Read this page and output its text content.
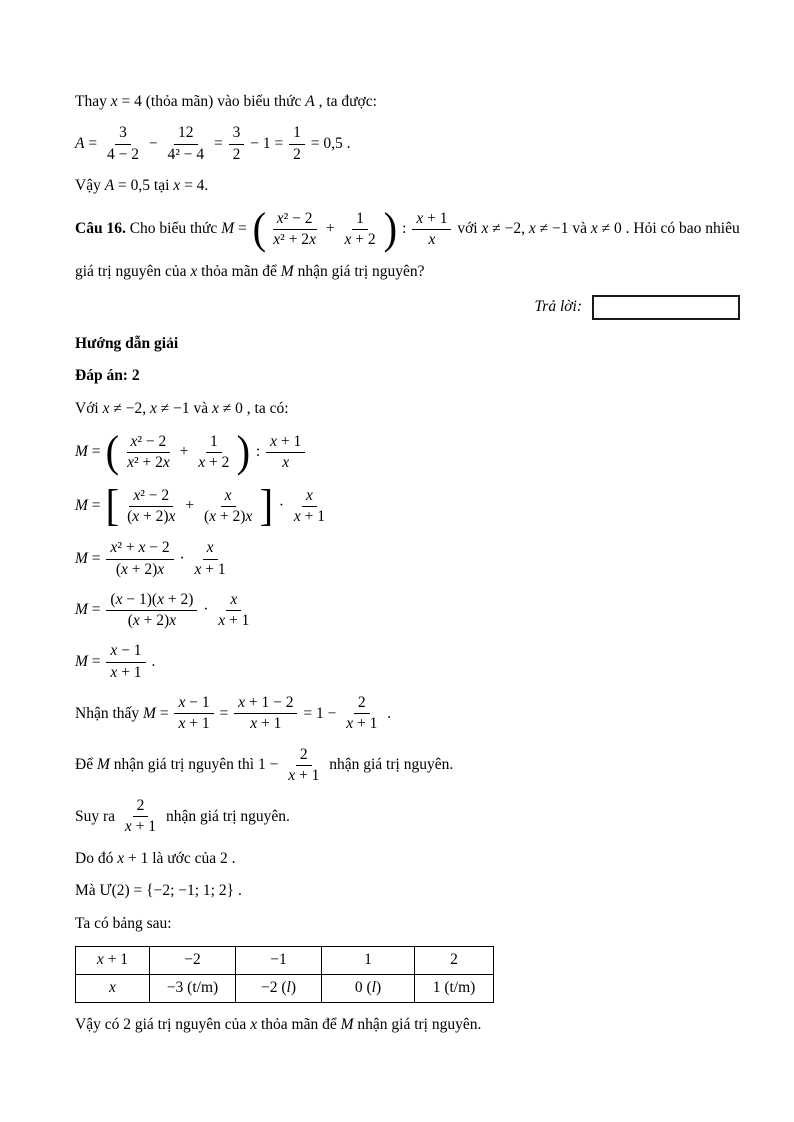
Thay x = 4 (thỏa mãn) vào biểu thức A , ta được:
$A = \frac{3}{4 - 2} - \frac{12}{\text{4² − 4}} = \frac{3}{2} - 1 = \frac{1}{2} = 0,5$ .
Vậy A = 0,5 tại x = 4.
Câu 16. Cho biểu thức M = ( $\frac{\text{x² − 2}}{\text{x² + 2x}} + \frac{1}{x + 2}$ ) : $\frac{x + 1}{x}$ với x ≠ −2, x ≠ −1 và x ≠ 0 . Hỏi có bao nhiêu
giá trị nguyên của x thỏa mãn để M nhận giá trị nguyên?
Trả lời:
Hướng dẫn giải
Đáp án: 2
Với x ≠ −2, x ≠ −1 và x ≠ 0 , ta có:
M = ( $\frac{\text{x² − 2}}{\text{x² + 2x}} + \frac{1}{x + 2}$ ) : $\frac{x + 1}{x}$
M = [ $\frac{\text{x² − 2}}{(x + 2)x} + \frac{x}{(x + 2)x}$ ] · $\frac{x}{x + 1}$
$M = \frac{\text{x² + x − 2}}{(x + 2)x} \cdot \frac{x}{x + 1}$
$M = \frac{(x - 1)(x + 2)}{(x + 2)x} \cdot \frac{x}{x + 1}$
$M = \frac{x - 1}{x + 1}$ .
Nhận thấy $M = \frac{x - 1}{x + 1} = \frac{x + 1 - 2}{x + 1} = 1 - \frac{2}{x + 1}$ .
Để M nhận giá trị nguyên thì $1 - \frac{2}{x + 1}$ nhận giá trị nguyên.
Suy ra $\frac{2}{x + 1}$ nhận giá trị nguyên.
Do đó x + 1 là ước của 2 .
Mà Ư(2) = {−2; −1; 1; 2} .
Ta có bảng sau:
x + 1	−2	−1	1	2
x	−3 (t/m)	−2 (l)	0 (l)	1 (t/m)
Vậy có 2 giá trị nguyên của x thỏa mãn để M nhận giá trị nguyên.
